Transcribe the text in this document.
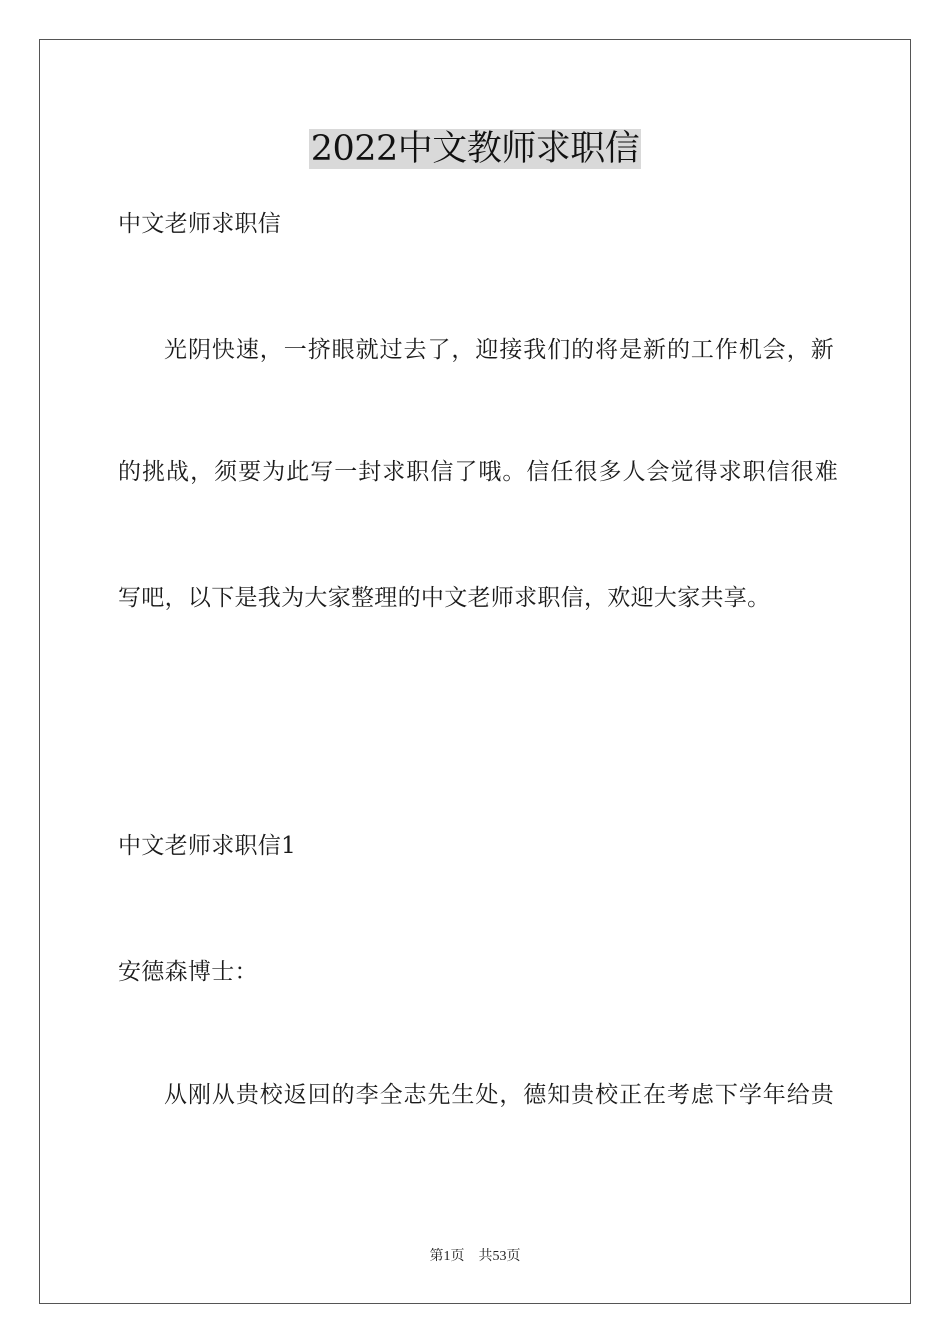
2022中文教师求职信
中文老师求职信
光阴快速，一挤眼就过去了，迎接我们的将是新的工作机会，新
的挑战，须要为此写一封求职信了哦。信任很多人会觉得求职信很难
写吧，以下是我为大家整理的中文老师求职信，欢迎大家共享。
中文老师求职信1
安德森博士：
从刚从贵校返回的李全志先生处，德知贵校正在考虑下学年给贵
第1页 共53页
